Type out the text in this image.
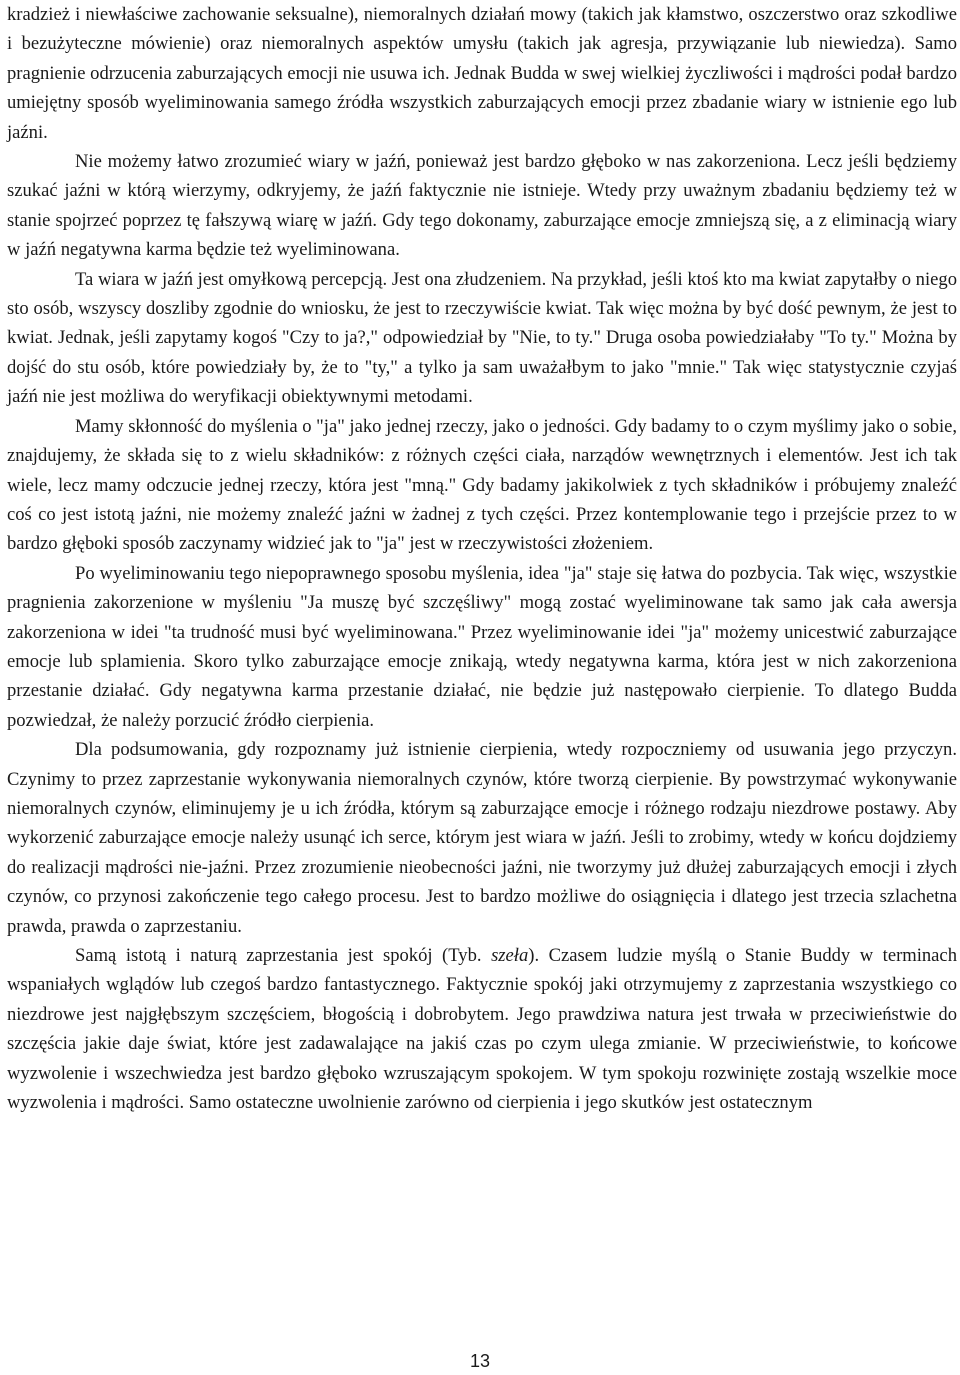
kradzież i niewłaściwe zachowanie seksualne), niemoralnych działań mowy (takich jak kłamstwo, oszczerstwo oraz szkodliwe i bezużyteczne mówienie) oraz niemoralnych aspektów umysłu (takich jak agresja, przywiązanie lub niewiedza). Samo pragnienie odrzucenia zaburzających emocji nie usuwa ich. Jednak Budda w swej wielkiej życzliwości i mądrości podał bardzo umiejętny sposób wyeliminowania samego źródła wszystkich zaburzających emocji przez zbadanie wiary w istnienie ego lub jaźni.

Nie możemy łatwo zrozumieć wiary w jaźń, ponieważ jest bardzo głęboko w nas zakorzeniona. Lecz jeśli będziemy szukać jaźni w którą wierzymy, odkryjemy, że jaźń faktycznie nie istnieje. Wtedy przy uważnym zbadaniu będziemy też w stanie spojrzeć poprzez tę fałszywą wiarę w jaźń. Gdy tego dokonamy, zaburzające emocje zmniejszą się, a z eliminacją wiary w jaźń negatywna karma będzie też wyeliminowana.

Ta wiara w jaźń jest omyłkową percepcją. Jest ona złudzeniem. Na przykład, jeśli ktoś kto ma kwiat zapytałby o niego sto osób, wszyscy doszliby zgodnie do wniosku, że jest to rzeczywiście kwiat. Tak więc można by być dość pewnym, że jest to kwiat. Jednak, jeśli zapytamy kogoś "Czy to ja?," odpowiedział by "Nie, to ty." Druga osoba powiedziałaby "To ty." Można by dojść do stu osób, które powiedziały by, że to "ty," a tylko ja sam uważałbym to jako "mnie." Tak więc statystycznie czyjaś jaźń nie jest możliwa do weryfikacji obiektywnymi metodami.

Mamy skłonność do myślenia o "ja" jako jednej rzeczy, jako o jedności. Gdy badamy to o czym myślimy jako o sobie, znajdujemy, że składa się to z wielu składników: z różnych części ciała, narządów wewnętrznych i elementów. Jest ich tak wiele, lecz mamy odczucie jednej rzeczy, która jest "mną." Gdy badamy jakikolwiek z tych składników i próbujemy znaleźć coś co jest istotą jaźni, nie możemy znaleźć jaźni w żadnej z tych części. Przez kontemplowanie tego i przejście przez to w bardzo głęboki sposób zaczynamy widzieć jak to "ja" jest w rzeczywistości złożeniem.

Po wyeliminowaniu tego niepoprawnego sposobu myślenia, idea "ja" staje się łatwa do pozbycia. Tak więc, wszystkie pragnienia zakorzenione w myśleniu "Ja muszę być szczęśliwy" mogą zostać wyeliminowane tak samo jak cała awersja zakorzeniona w idei "ta trudność musi być wyeliminowana." Przez wyeliminowanie idei "ja" możemy unicestwić zaburzające emocje lub splamienia. Skoro tylko zaburzające emocje znikają, wtedy negatywna karma, która jest w nich zakorzeniona przestanie działać. Gdy negatywna karma przestanie działać, nie będzie już następowało cierpienie. To dlatego Budda pozwiedzał, że należy porzucić źródło cierpienia.

Dla podsumowania, gdy rozpoznamy już istnienie cierpienia, wtedy rozpoczniemy od usuwania jego przyczyn. Czynimy to przez zaprzestanie wykonywania niemoralnych czynów, które tworzą cierpienie. By powstrzymać wykonywanie niemoralnych czynów, eliminujemy je u ich źródła, którym są zaburzające emocje i różnego rodzaju niezdrowe postawy. Aby wykorzenić zaburzające emocje należy usunąć ich serce, którym jest wiara w jaźń. Jeśli to zrobimy, wtedy w końcu dojdziemy do realizacji mądrości nie-jaźni. Przez zrozumienie nieobecności jaźni, nie tworzymy już dłużej zaburzających emocji i złych czynów, co przynosi zakończenie tego całego procesu. Jest to bardzo możliwe do osiągnięcia i dlatego jest trzecia szlachetna prawda, prawda o zaprzestaniu.

Samą istotą i naturą zaprzestania jest spokój (Tyb. szeła). Czasem ludzie myślą o Stanie Buddy w terminach wspaniałych wglądów lub czegoś bardzo fantastycznego. Faktycznie spokój jaki otrzymujemy z zaprzestania wszystkiego co niezdrowe jest najgłębszym szczęściem, błogością i dobrobytem. Jego prawdziwa natura jest trwała w przeciwieństwie do szczęścia jakie daje świat, które jest zadawalające na jakiś czas po czym ulega zmianie. W przeciwieństwie, to końcowe wyzwolenie i wszechwiedza jest bardzo głęboko wzruszającym spokojem. W tym spokoju rozwinięte zostają wszelkie moce wyzwolenia i mądrości. Samo ostateczne uwolnienie zarówno od cierpienia i jego skutków jest ostatecznym

13
